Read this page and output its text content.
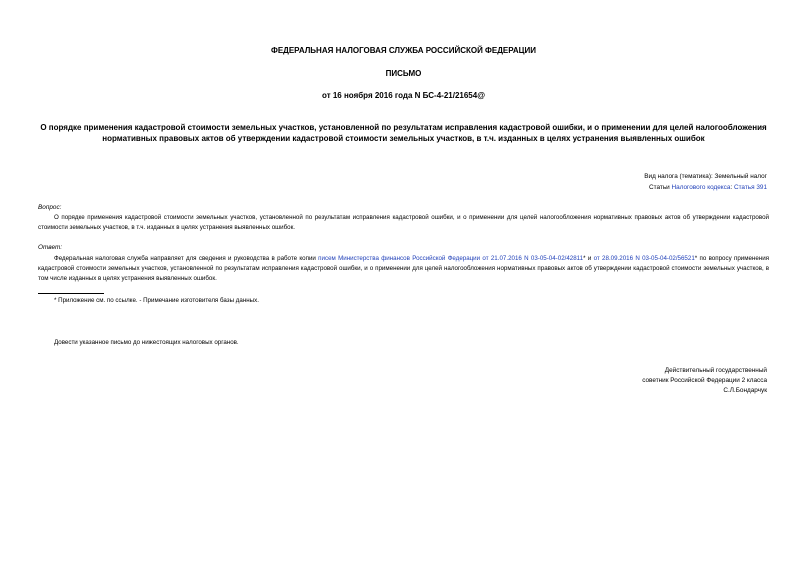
ФЕДЕРАЛЬНАЯ НАЛОГОВАЯ СЛУЖБА РОССИЙСКОЙ ФЕДЕРАЦИИ
ПИСЬМО
от 16 ноября 2016 года N БС-4-21/21654@
О порядке применения кадастровой стоимости земельных участков, установленной по результатам исправления кадастровой ошибки, и о применении для целей налогообложения нормативных правовых актов об утверждении кадастровой стоимости земельных участков, в т.ч. изданных в целях устранения выявленных ошибок
Вид налога (тематика): Земельный налог
Статьи Налогового кодекса: Статья 391
Вопрос:
О порядке применения кадастровой стоимости земельных участков, установленной по результатам исправления кадастровой ошибки, и о применении для целей налогообложения нормативных правовых актов об утверждении кадастровой стоимости земельных участков, в т.ч. изданных в целях устранения выявленных ошибок.
Ответ:
Федеральная налоговая служба направляет для сведения и руководства в работе копии писем Министерства финансов Российской Федерации от 21.07.2016 N 03-05-04-02/42811* и от 28.09.2016 N 03-05-04-02/56521* по вопросу применения кадастровой стоимости земельных участков, установленной по результатам исправления кадастровой ошибки, и о применении для целей налогообложения нормативных правовых актов об утверждении кадастровой стоимости земельных участков, в том числе изданных в целях устранения выявленных ошибок.
* Приложение см. по ссылке. - Примечание изготовителя базы данных.
Довести указанное письмо до нижестоящих налоговых органов.
Действительный государственный
советник Российской Федерации 2 класса
С.Л.Бондарчук
